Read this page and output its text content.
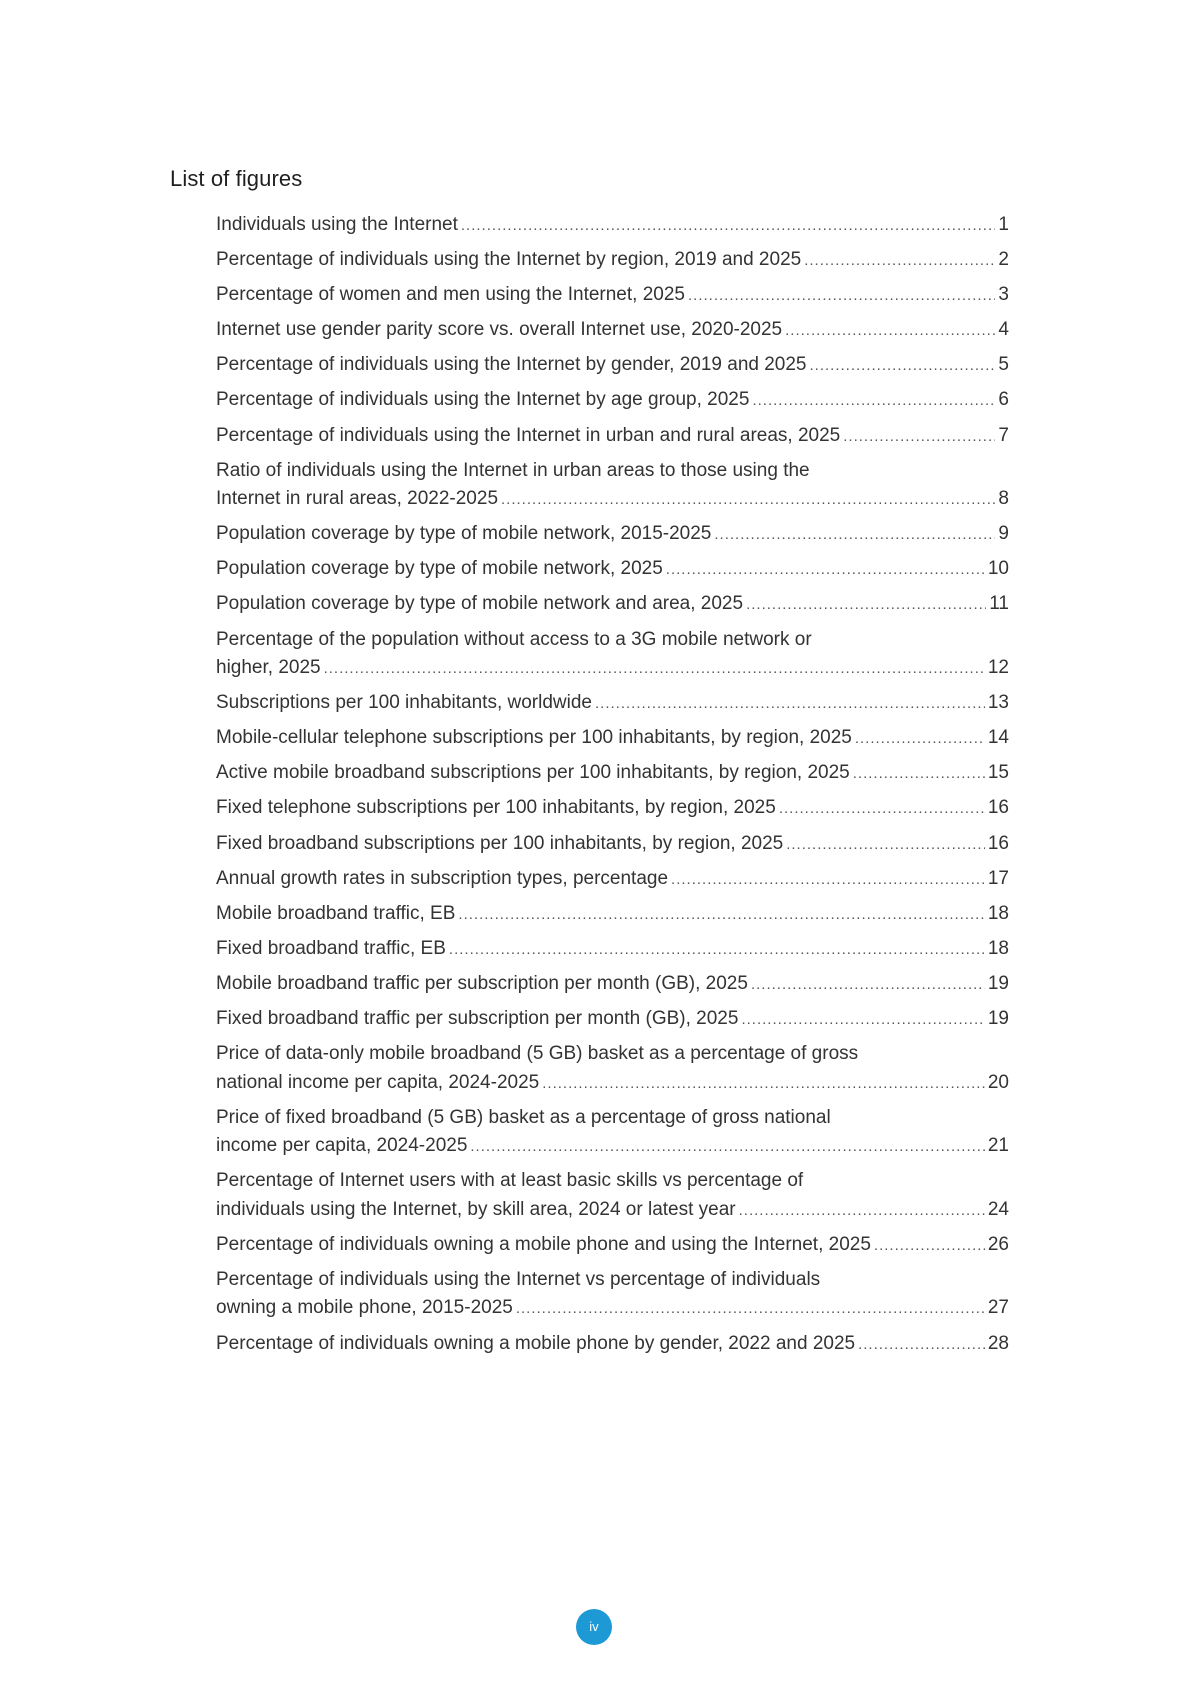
List of figures
Individuals using the Internet .....	1
Percentage of individuals using the Internet by region, 2019 and 2025 .....	2
Percentage of women and men using the Internet, 2025 .....	3
Internet use gender parity score vs. overall Internet use, 2020-2025 .....	4
Percentage of individuals using the Internet by gender, 2019 and 2025 .....	5
Percentage of individuals using the Internet by age group, 2025 .....	6
Percentage of individuals using the Internet in urban and rural areas, 2025 .....	7
Ratio of individuals using the Internet in urban areas to those using the
Internet in rural areas, 2022-2025 .....	8
Population coverage by type of mobile network, 2015-2025 .....	9
Population coverage by type of mobile network, 2025 .....	10
Population coverage by type of mobile network and area, 2025 .....	11
Percentage of the population without access to a 3G mobile network or
higher, 2025 .....	12
Subscriptions per 100 inhabitants, worldwide .....	13
Mobile-cellular telephone subscriptions per 100 inhabitants, by region, 2025 .....	14
Active mobile broadband subscriptions per 100 inhabitants, by region, 2025 .....	15
Fixed telephone subscriptions per 100 inhabitants, by region, 2025 .....	16
Fixed broadband subscriptions per 100 inhabitants, by region, 2025 .....	16
Annual growth rates in subscription types, percentage .....	17
Mobile broadband traffic, EB .....	18
Fixed broadband traffic, EB .....	18
Mobile broadband traffic per subscription per month (GB), 2025 .....	19
Fixed broadband traffic per subscription per month (GB), 2025 .....	19
Price of data-only mobile broadband (5 GB) basket as a percentage of gross
national income per capita, 2024-2025 .....	20
Price of fixed broadband (5 GB) basket as a percentage of gross national
income per capita, 2024-2025 .....	21
Percentage of Internet users with at least basic skills vs percentage of
individuals using the Internet, by skill area, 2024 or latest year .....	24
Percentage of individuals owning a mobile phone and using the Internet, 2025 .....	26
Percentage of individuals using the Internet vs percentage of individuals
owning a mobile phone, 2015-2025 .....	27
Percentage of individuals owning a mobile phone by gender, 2022 and 2025 .....	28
iv
